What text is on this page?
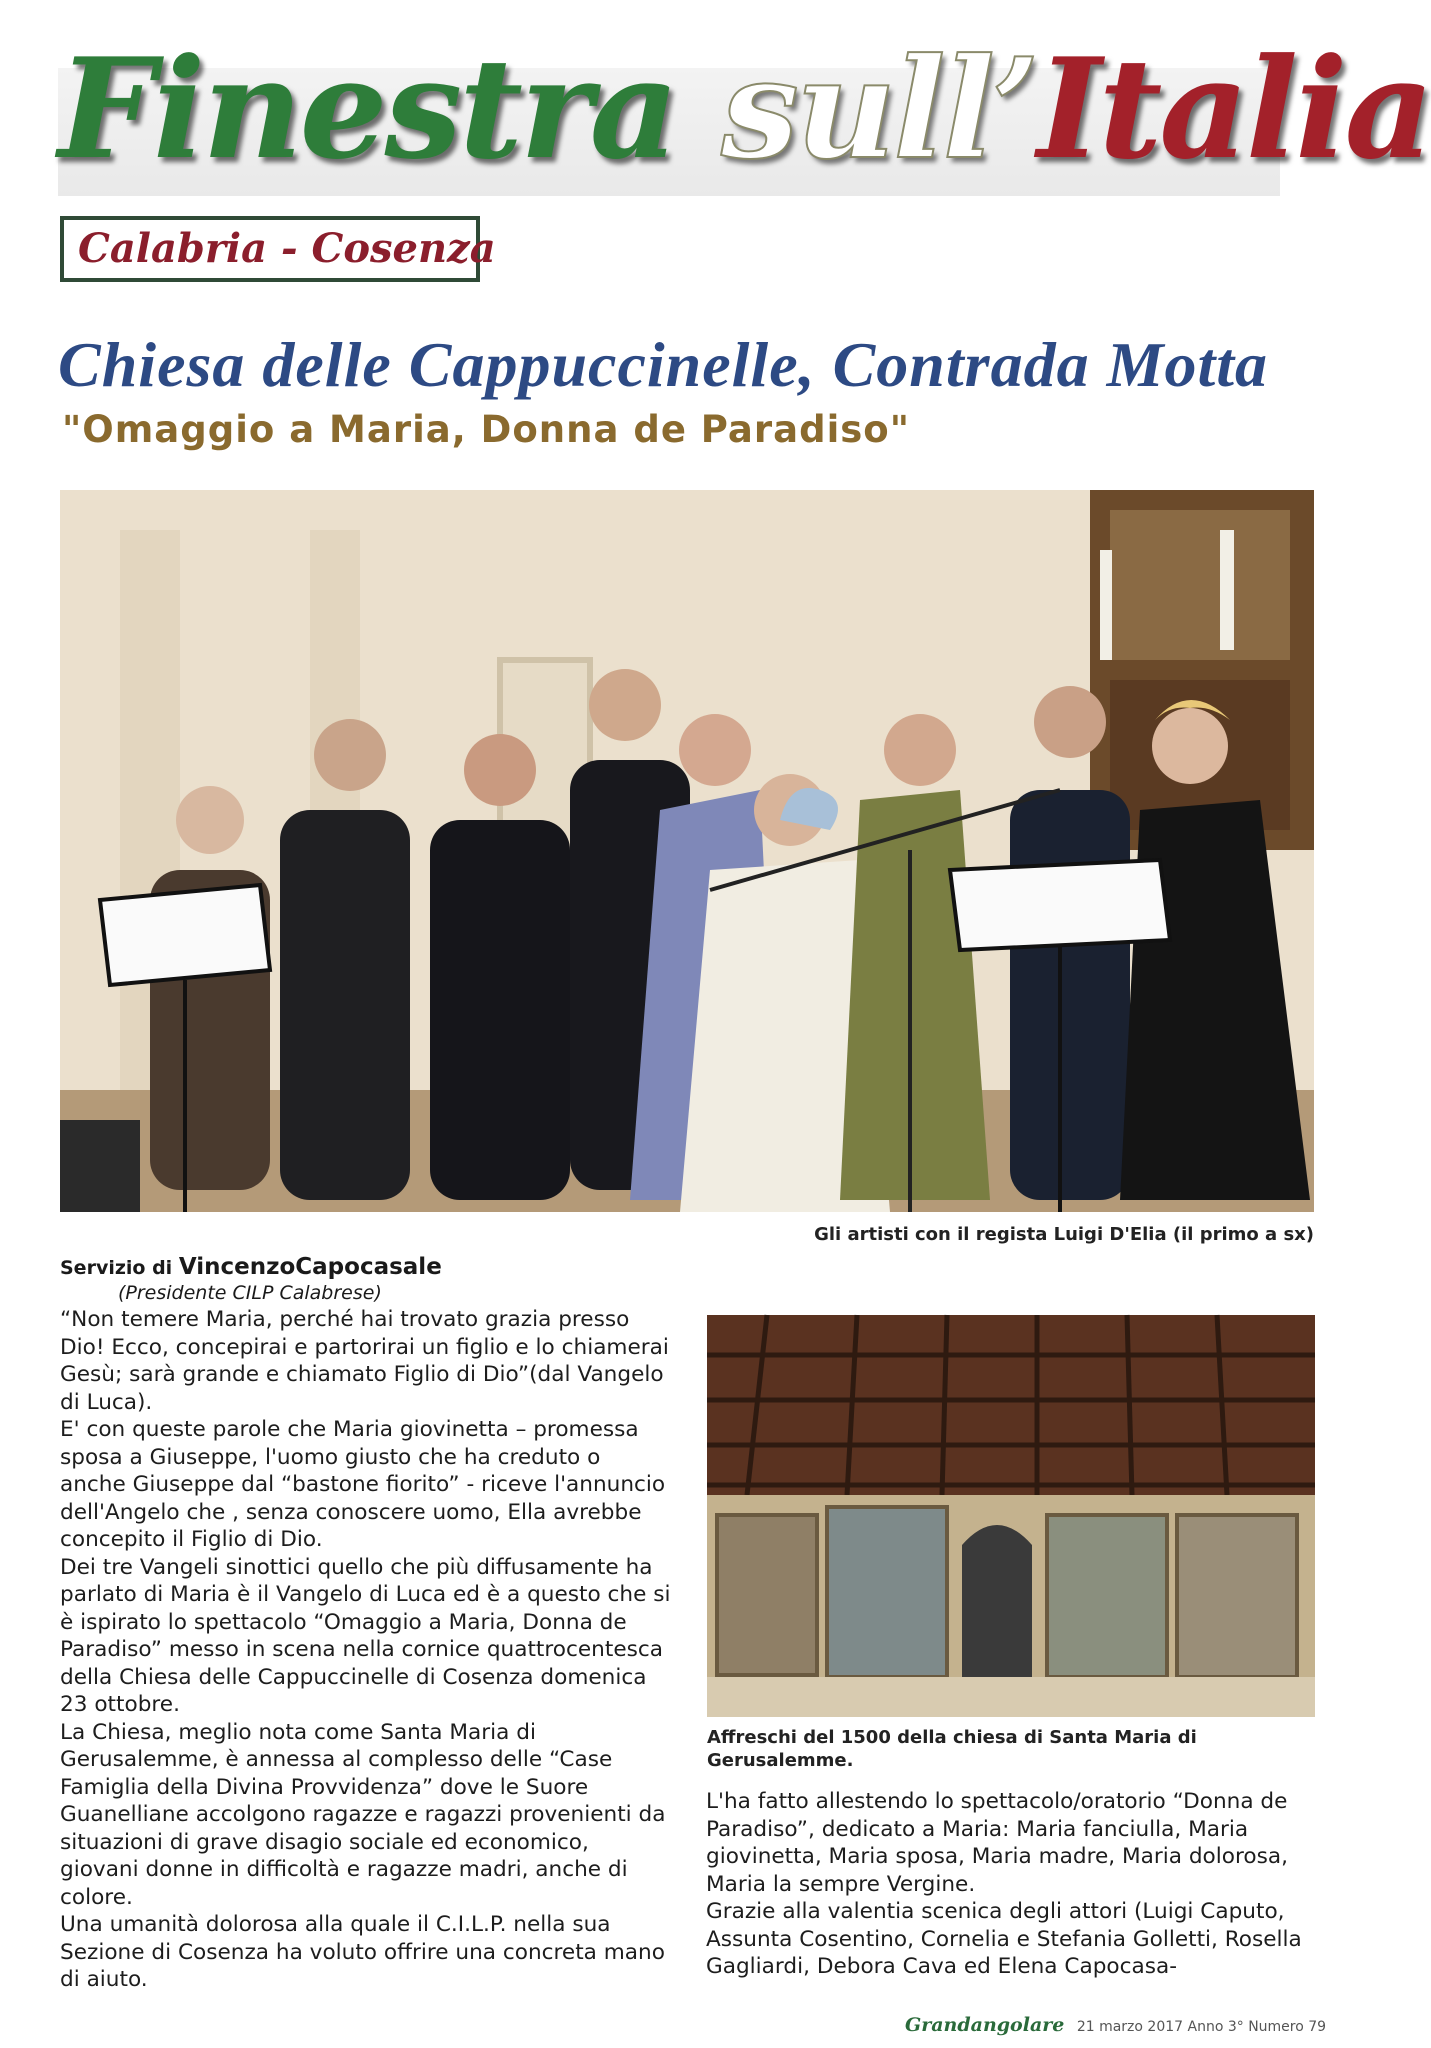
Finestra sull’Italia
Calabria - Cosenza
Chiesa delle Cappuccinelle, Contrada Motta
"Omaggio a Maria, Donna de Paradiso"
Gli artisti con il regista Luigi D'Elia (il primo a sx)
Servizio di VincenzoCapocasale
(Presidente CILP Calabrese)

“Non temere Maria, perché hai trovato grazia presso Dio! Ecco, concepirai e partorirai un figlio e lo chiamerai Gesù; sarà grande e chiamato Figlio di Dio”(dal Vangelo di Luca).

E' con queste parole che Maria giovinetta – promessa sposa a Giuseppe, l'uomo giusto che ha creduto o anche Giuseppe dal “bastone fiorito” - riceve l'annuncio dell'Angelo che , senza conoscere uomo, Ella avrebbe concepito il Figlio di Dio.

Dei tre Vangeli sinottici quello che più diffusamente ha parlato di Maria è il Vangelo di Luca ed è a questo che si è ispirato lo spettacolo “Omaggio a Maria, Donna de Paradiso” messo in scena nella cornice quattrocentesca della Chiesa delle Cappuccinelle di Cosenza domenica 23 ottobre.

La Chiesa, meglio nota come Santa Maria di Gerusalemme, è annessa al complesso delle “Case Famiglia della Divina Provvidenza” dove le Suore Guanelliane accolgono ragazze e ragazzi provenienti da situazioni di grave disagio sociale ed economico, giovani donne in difficoltà e ragazze madri, anche di colore.

Una umanità dolorosa alla quale il C.I.L.P. nella sua Sezione di Cosenza ha voluto offrire una concreta mano di aiuto.

Affreschi del 1500 della chiesa di Santa Maria di Gerusalemme.

L'ha fatto allestendo lo spettacolo/oratorio “Donna de Paradiso”, dedicato a Maria: Maria fanciulla, Maria giovinetta, Maria sposa, Maria madre, Maria dolorosa, Maria la sempre Vergine.

Grazie alla valentia scenica degli attori (Luigi Caputo, Assunta Cosentino, Cornelia e Stefania Golletti, Rosella Gagliardi, Debora Cava ed Elena Capocasa-

Grandangolare 21 marzo 2017 Anno 3° Numero 79
